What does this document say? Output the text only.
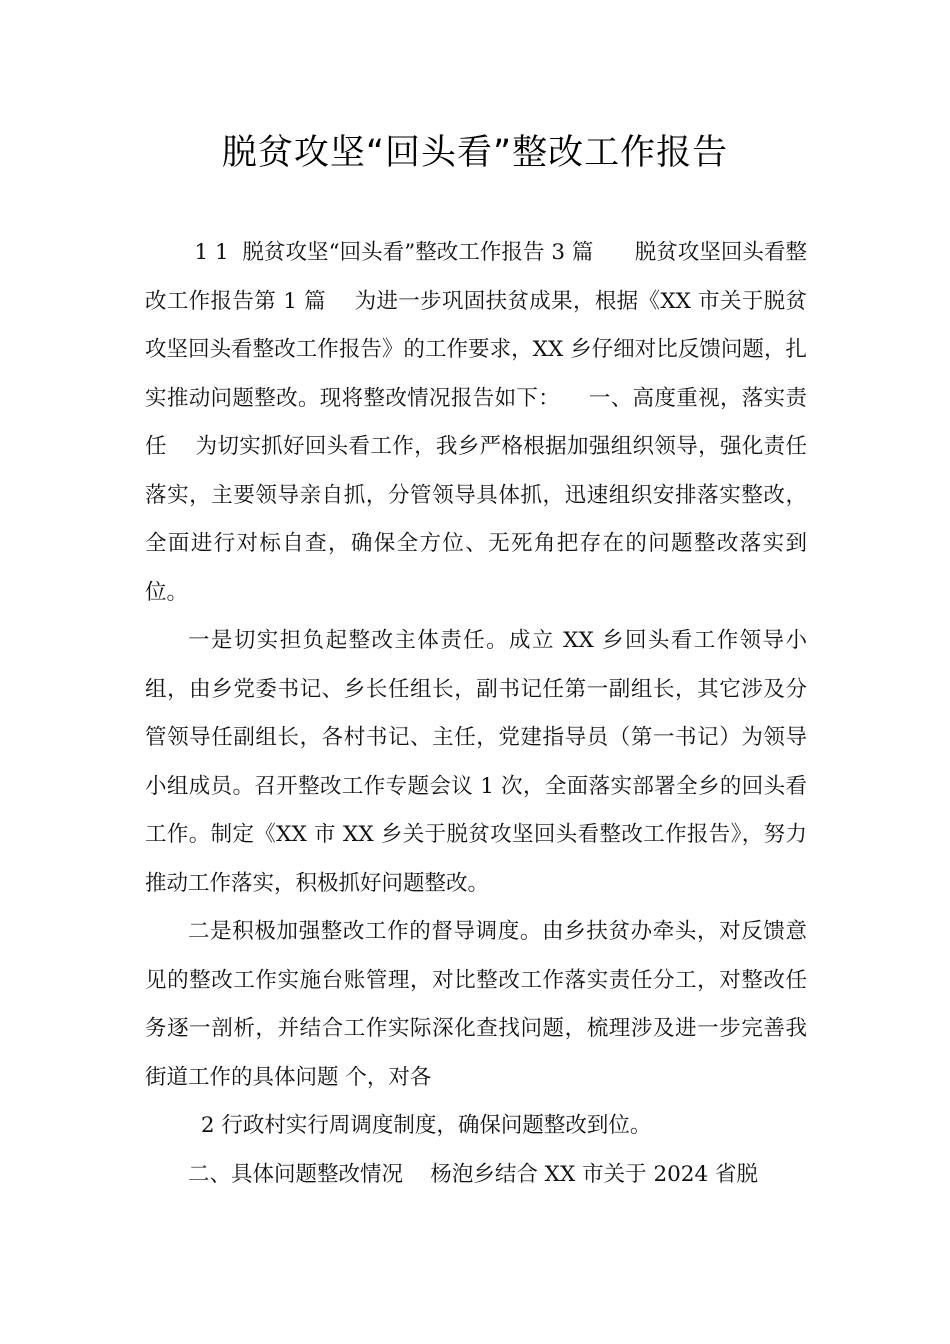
脱贫攻坚“回头看”整改工作报告

1 1  脱贫攻坚“回头看”整改工作报告 3 篇      脱贫攻坚回头看整改工作报告第 1 篇    为进一步巩固扶贫成果，根据《XX 市关于脱贫攻坚回头看整改工作报告》的工作要求，XX 乡仔细对比反馈问题，扎实推动问题整改。现将整改情况报告如下：    一、高度重视，落实责任    为切实抓好回头看工作，我乡严格根据加强组织领导，强化责任落实，主要领导亲自抓，分管领导具体抓，迅速组织安排落实整改，全面进行对标自查，确保全方位、无死角把存在的问题整改落实到位。

一是切实担负起整改主体责任。成立 XX 乡回头看工作领导小组，由乡党委书记、乡长任组长，副书记任第一副组长，其它涉及分管领导任副组长，各村书记、主任，党建指导员（第一书记）为领导小组成员。召开整改工作专题会议 1 次，全面落实部署全乡的回头看工作。制定《XX 市 XX 乡关于脱贫攻坚回头看整改工作报告》，努力推动工作落实，积极抓好问题整改。

二是积极加强整改工作的督导调度。由乡扶贫办牵头，对反馈意见的整改工作实施台账管理，对比整改工作落实责任分工，对整改任务逐一剖析，并结合工作实际深化查找问题，梳理涉及进一步完善我街道工作的具体问题 个，对各

2 行政村实行周调度制度，确保问题整改到位。

二、具体问题整改情况    杨泡乡结合 XX 市关于 2024 省脱
